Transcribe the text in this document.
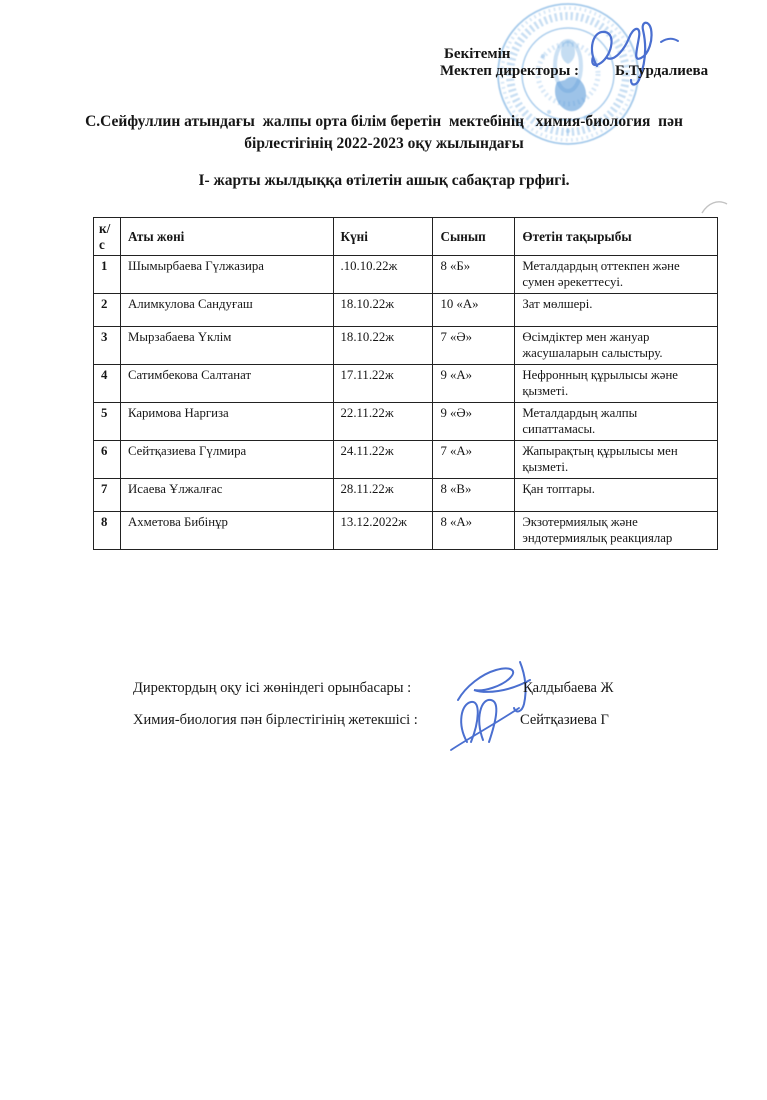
Бекітемін
Мектеп директоры : Б.Турдалиева
С.Сейфуллин атындағы  жалпы орта білім беретін  мектебінің   химия-биология  пән
бірлестігінің 2022-2023 оқу жылындағы
І- жарты жылдыққа өтілетін ашық сабақтар грфигі.
к/с	Аты жөні	Күні	Сынып	Өтетін тақырыбы
1	Шымырбаева Гүлжазира	.10.10.22ж	8 «Б»	Металдардың оттекпен және сумен әрекеттесуі.
2	Алимкулова Сандуғаш	18.10.22ж	10 «А»	Зат мөлшері.
3	Мырзабаева Үклім	18.10.22ж	7 «Ә»	Өсімдіктер мен жануар жасушаларын салыстыру.
4	Сатимбекова Салтанат	17.11.22ж	9 «А»	Нефронның құрылысы және қызметі.
5	Каримова Наргиза	22.11.22ж	9 «Ә»	Металдардың жалпы сипаттамасы.
6	Сейтқазиева Гүлмира	24.11.22ж	7 «А»	Жапырақтың құрылысы мен қызметі.
7	Исаева Ұлжалғас	28.11.22ж	8 «В»	Қан топтары.
8	Ахметова Бибінұр	13.12.2022ж	8 «А»	Экзотермиялық және эндотермиялық реакциялар
Директордың оқу ісі жөніндегі орынбасары :	Қалдыбаева Ж
Химия-биология пән бірлестігінің жетекшісі :	Сейтқазиева Г
